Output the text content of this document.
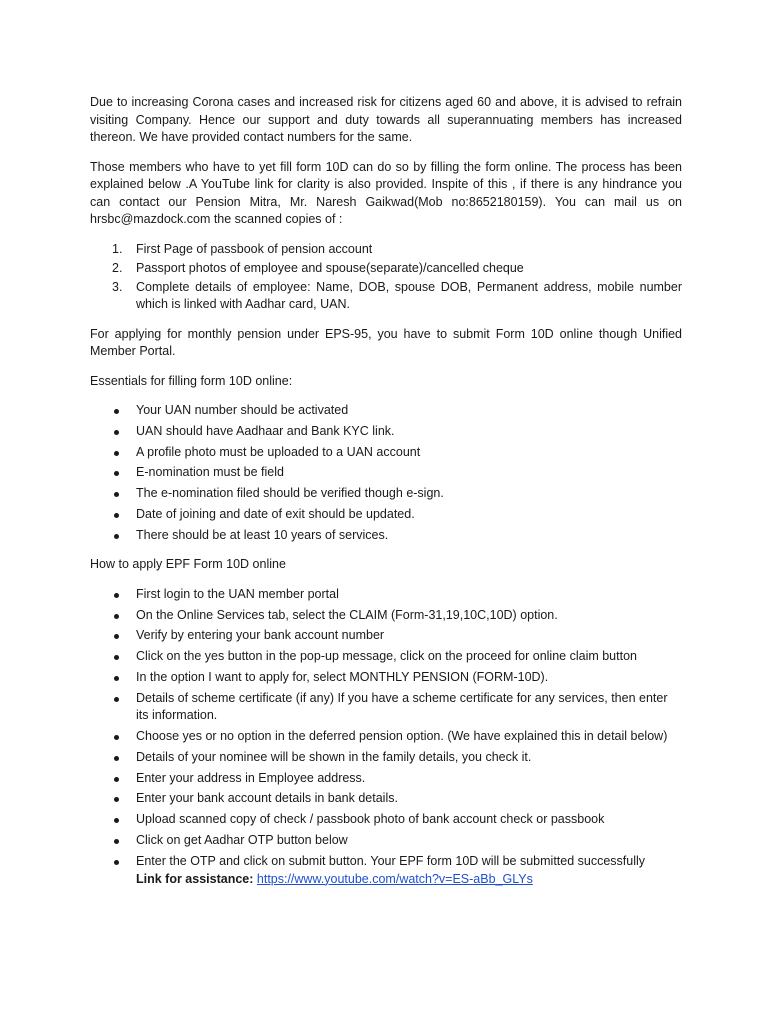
Due to increasing Corona cases and increased risk for citizens aged 60 and above, it is advised to refrain visiting Company. Hence our support and duty towards all superannuating members has increased thereon. We have provided contact numbers for the same.

Those members who have to yet fill form 10D can do so by filling the form online. The process has been explained below .A YouTube link for clarity is also provided. Inspite of this , if there is any hindrance you can contact our Pension Mitra, Mr. Naresh Gaikwad(Mob no:8652180159). You can mail us on hrsbc@mazdock.com the scanned copies of :

1. First Page of passbook of pension account
2. Passport photos of employee and spouse(separate)/cancelled cheque
3. Complete details of employee: Name, DOB, spouse DOB, Permanent address, mobile number which is linked with Aadhar card, UAN.

For applying for monthly pension under EPS-95, you have to submit Form 10D online though Unified Member Portal.

Essentials for filling form 10D online:

Your UAN number should be activated
UAN should have Aadhaar and Bank KYC link.
A profile photo must be uploaded to a UAN account
E-nomination must be field
The e-nomination filed should be verified though e-sign.
Date of joining and date of exit should be updated.
There should be at least 10 years of services.

How to apply EPF Form 10D online

First login to the UAN member portal
On the Online Services tab, select the CLAIM (Form-31,19,10C,10D) option.
Verify by entering your bank account number
Click on the yes button in the pop-up message, click on the proceed for online claim button
In the option I want to apply for, select MONTHLY PENSION (FORM-10D).
Details of scheme certificate (if any) If you have a scheme certificate for any services, then enter its information.
Choose yes or no option in the deferred pension option. (We have explained this in detail below)
Details of your nominee will be shown in the family details, you check it.
Enter your address in Employee address.
Enter your bank account details in bank details.
Upload scanned copy of check / passbook photo of bank account check or passbook
Click on get Aadhar OTP button below
Enter the OTP and click on submit button. Your EPF form 10D will be submitted successfully
Link for assistance: https://www.youtube.com/watch?v=ES-aBb_GLYs
